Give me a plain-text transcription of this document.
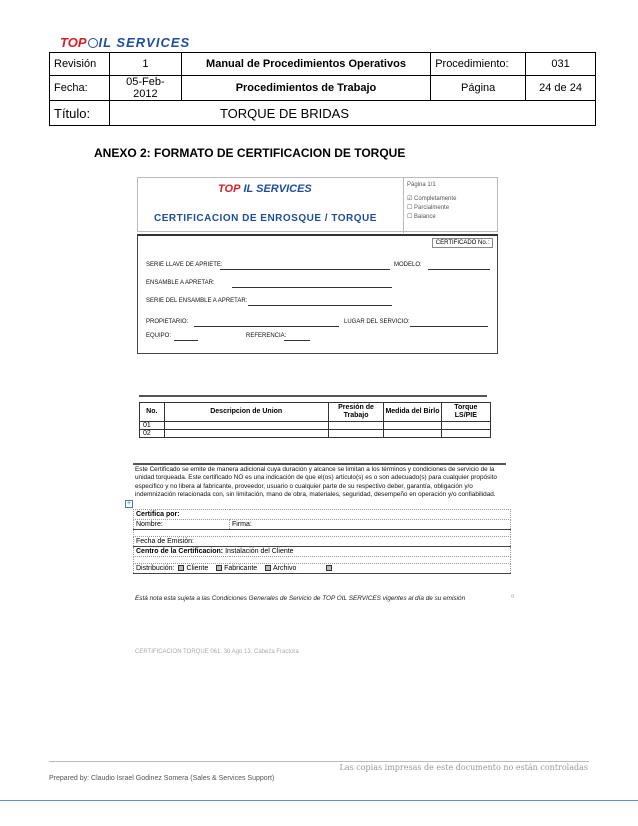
TOP IL SERVICES
Revisión	1	Manual de Procedimientos Operativos	Procedimiento:	031
Fecha:	05-Feb-2012	Procedimientos de Trabajo	Página	24 de 24
Título:	TORQUE DE BRIDAS			
ANEXO 2: FORMATO DE CERTIFICACION DE TORQUE
TOP IL SERVICES
CERTIFICACION DE ENROSQUE / TORQUE
Página 1/1
☑ Completamente
☐ Parcialmente
☐ Balance
CERTIFICADO No.:
SERIE LLAVE DE APRIETE:	MODELO:
ENSAMBLE A APRETAR:
SERIE DEL ENSAMBLE A APRETAR:
PROPIETARIO:	LUGAR DEL SERVICIO:
EQUIPO:	REFERENCIA:
No.	Descripcion de Union	Presión de Trabajo	Medida del Birlo	Torque LS/PIE
01				
02				
Este Certificado se emite de manera adicional cuya duración y alcance se limitan a los términos y condiciones de servicio de la unidad torqueada. Este certificado NO es una indicación de que el(os) articulo(s) es o son adecuado(s) para cualquier propósito especifico y no libera al fabricante, proveedor, usuario o cualquier parte de su respectivo deber, garantía, obligación y/o indemnización relacionada con, sin limitación, mano de obra, materiales, seguridad, desempeño en operación y/o confiabilidad.
+
Certifica por:
Nombre:	Firma:

Fecha de Emisión:
Centro de la Certificacion: Instalación del Cliente

Distribución: Cliente Fabricante Archivo
Está nota esta sujeta a las Condiciones Generales de Servicio de TOP OIL SERVICES vigentes al día de su emisión	¤
CERTIFICACION TORQUE 061. 30 Ago 13. Cabeza Fractora
Las copias impresas de este documento no están controladas
Prepared by: Claudio Israel Godinez Somera (Sales & Services Support)
